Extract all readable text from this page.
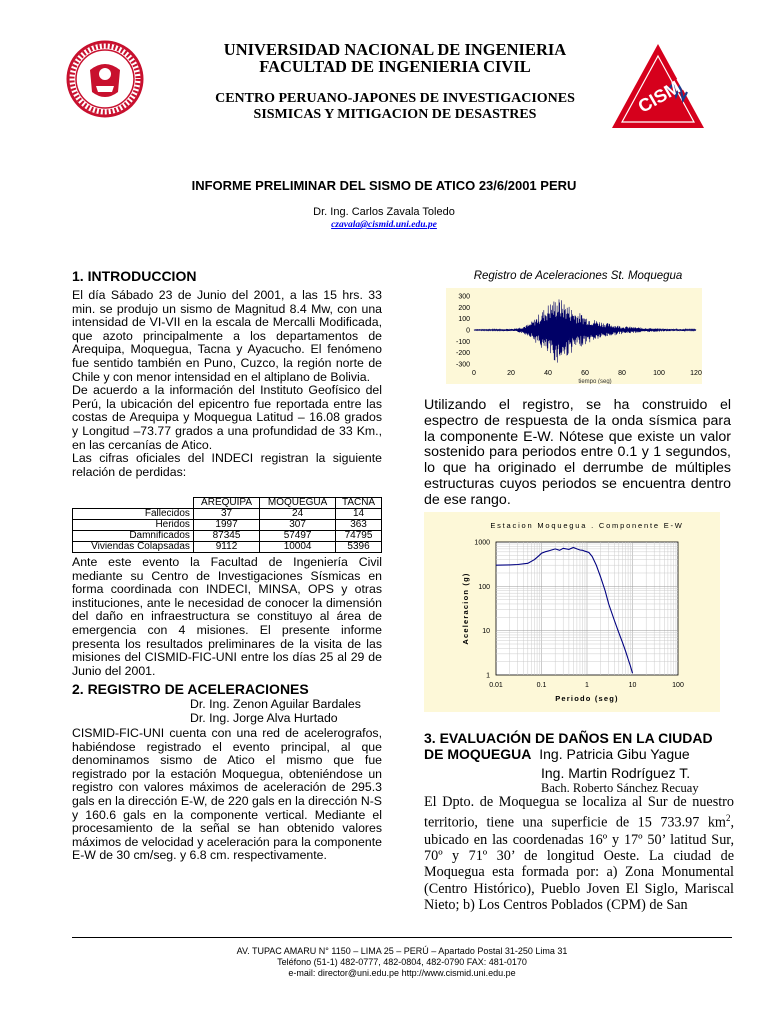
UNIVERSIDAD NACIONAL DE INGENIERIA
FACULTAD DE INGENIERIA CIVIL
CENTRO PERUANO-JAPONES DE INVESTIGACIONES
SISMICAS Y MITIGACION DE DESASTRES	CISMID
INFORME PRELIMINAR DEL SISMO DE ATICO 23/6/2001 PERU
Dr. Ing. Carlos Zavala Toledo
czavala@cismid.uni.edu.pe
1. INTRODUCCION
El día Sábado 23 de Junio del 2001, a las 15 hrs. 33 min. se produjo un sismo de Magnitud 8.4 Mw, con una intensidad de VI-VII en la escala de Mercalli Modificada, que azoto principalmente a los departamentos de Arequipa, Moquegua, Tacna y Ayacucho. El fenómeno fue sentido también en Puno, Cuzco, la región norte de Chile y con menor intensidad en el altiplano de Bolivia.
De acuerdo a la información del Instituto Geofísico del Perú, la ubicación del epicentro fue reportada entre las costas de Arequipa y Moquegua Latitud – 16.08 grados y Longitud –73.77 grados a una profundidad de 33 Km., en las cercanías de Atico.
Las cifras oficiales del INDECI registran la siguiente relación de perdidas:
	AREQUIPA	MOQUEGUA	TACNA
Fallecidos	37	24	14
Heridos	1997	307	363
Damnificados	87345	57497	74795
Viviendas Colapsadas	9112	10004	5396
Ante este evento la Facultad de Ingeniería Civil mediante su Centro de Investigaciones Sísmicas en forma coordinada con INDECI, MINSA, OPS y otras instituciones, ante le necesidad de conocer la dimensión del daño en infraestructura se constituyo al área de emergencia con 4 misiones. El presente informe presenta los resultados preliminares de la visita de las misiones del CISMID-FIC-UNI entre los días 25 al 29 de Junio del 2001.
2. REGISTRO DE ACELERACIONES
Dr. Ing. Zenon Aguilar Bardales
Dr. Ing. Jorge Alva Hurtado
CISMID-FIC-UNI cuenta con una red de acelerografos, habiéndose registrado el evento principal, al que denominamos sismo de Atico el mismo que fue registrado por la estación Moquegua, obteniéndose un registro con valores máximos de aceleración de 295.3 gals en la dirección E-W, de 220 gals en la dirección N-S y 160.6 gals en la componente vertical. Mediante el procesamiento de la señal se han obtenido valores máximos de velocidad y aceleración para la componente E-W de 30 cm/seg. y 6.8 cm. respectivamente.
Registro de Aceleraciones St. Moquegua
300
200
100
0
-100
-200
-300
0	20	40	60	80	100	120
tiempo (seg)
Utilizando el registro, se ha construido el espectro de respuesta de la onda sísmica para la componente E-W. Nótese que existe un valor sostenido para periodos entre 0.1 y 1 segundos, lo que ha originado el derrumbe de múltiples estructuras cuyos periodos se encuentra dentro de ese rango.
0.01	0.1	1	10	100
1000
100
10
1
Estacion Moquegua . Componente E-W
Periodo (seg)
Aceleracion (g)
3. EVALUACIÓN DE DAÑOS EN LA CIUDAD
DE MOQUEGUA Ing. Patricia Gibu Yague
Ing. Martin Rodríguez T.
Bach. Roberto Sánchez Recuay
El Dpto. de Moquegua se localiza al Sur de nuestro territorio, tiene una superficie de 15 733.97 $km^2$, ubicado en las coordenadas 16º y 17º 50’ latitud Sur, 70º y 71º 30’ de longitud Oeste. La ciudad de Moquegua esta formada por: a) Zona Monumental (Centro Histórico), Pueblo Joven El Siglo, Mariscal Nieto; b) Los Centros Poblados (CPM) de San
AV. TUPAC AMARU N° 1150 – LIMA 25 – PERÚ – Apartado Postal 31-250 Lima 31
Teléfono (51-1) 482-0777, 482-0804, 482-0790 FAX: 481-0170
e-mail: director@uni.edu.pe http://www.cismid.uni.edu.pe
